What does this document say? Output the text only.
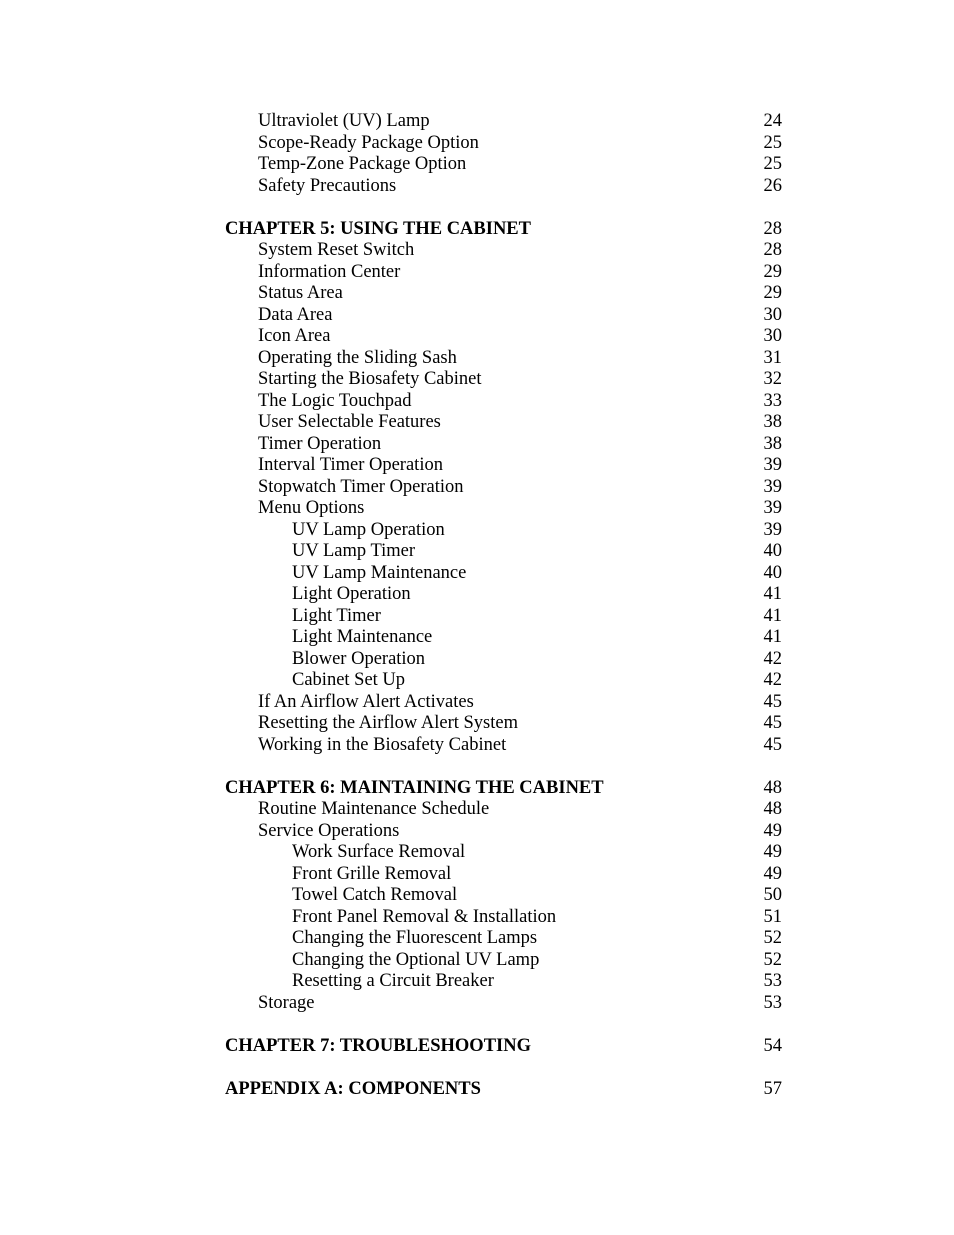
Ultraviolet (UV) Lamp	24
Scope-Ready Package Option	25
Temp-Zone Package Option	25
Safety Precautions	26
CHAPTER 5: USING THE CABINET	28
System Reset Switch	28
Information Center	29
Status Area	29
Data Area	30
Icon Area	30
Operating the Sliding Sash	31
Starting the Biosafety Cabinet	32
The Logic Touchpad	33
User Selectable Features	38
Timer Operation	38
Interval Timer Operation	39
Stopwatch Timer Operation	39
Menu Options	39
UV Lamp Operation	39
UV Lamp Timer	40
UV Lamp Maintenance	40
Light Operation	41
Light Timer	41
Light Maintenance	41
Blower Operation	42
Cabinet Set Up	42
If An Airflow Alert Activates	45
Resetting the Airflow Alert System	45
Working in the Biosafety Cabinet	45
CHAPTER 6: MAINTAINING THE CABINET	48
Routine Maintenance Schedule	48
Service Operations	49
Work Surface Removal	49
Front Grille Removal	49
Towel Catch Removal	50
Front Panel Removal & Installation	51
Changing the Fluorescent Lamps	52
Changing the Optional UV Lamp	52
Resetting a Circuit Breaker	53
Storage	53
CHAPTER 7: TROUBLESHOOTING	54
APPENDIX A: COMPONENTS	57
